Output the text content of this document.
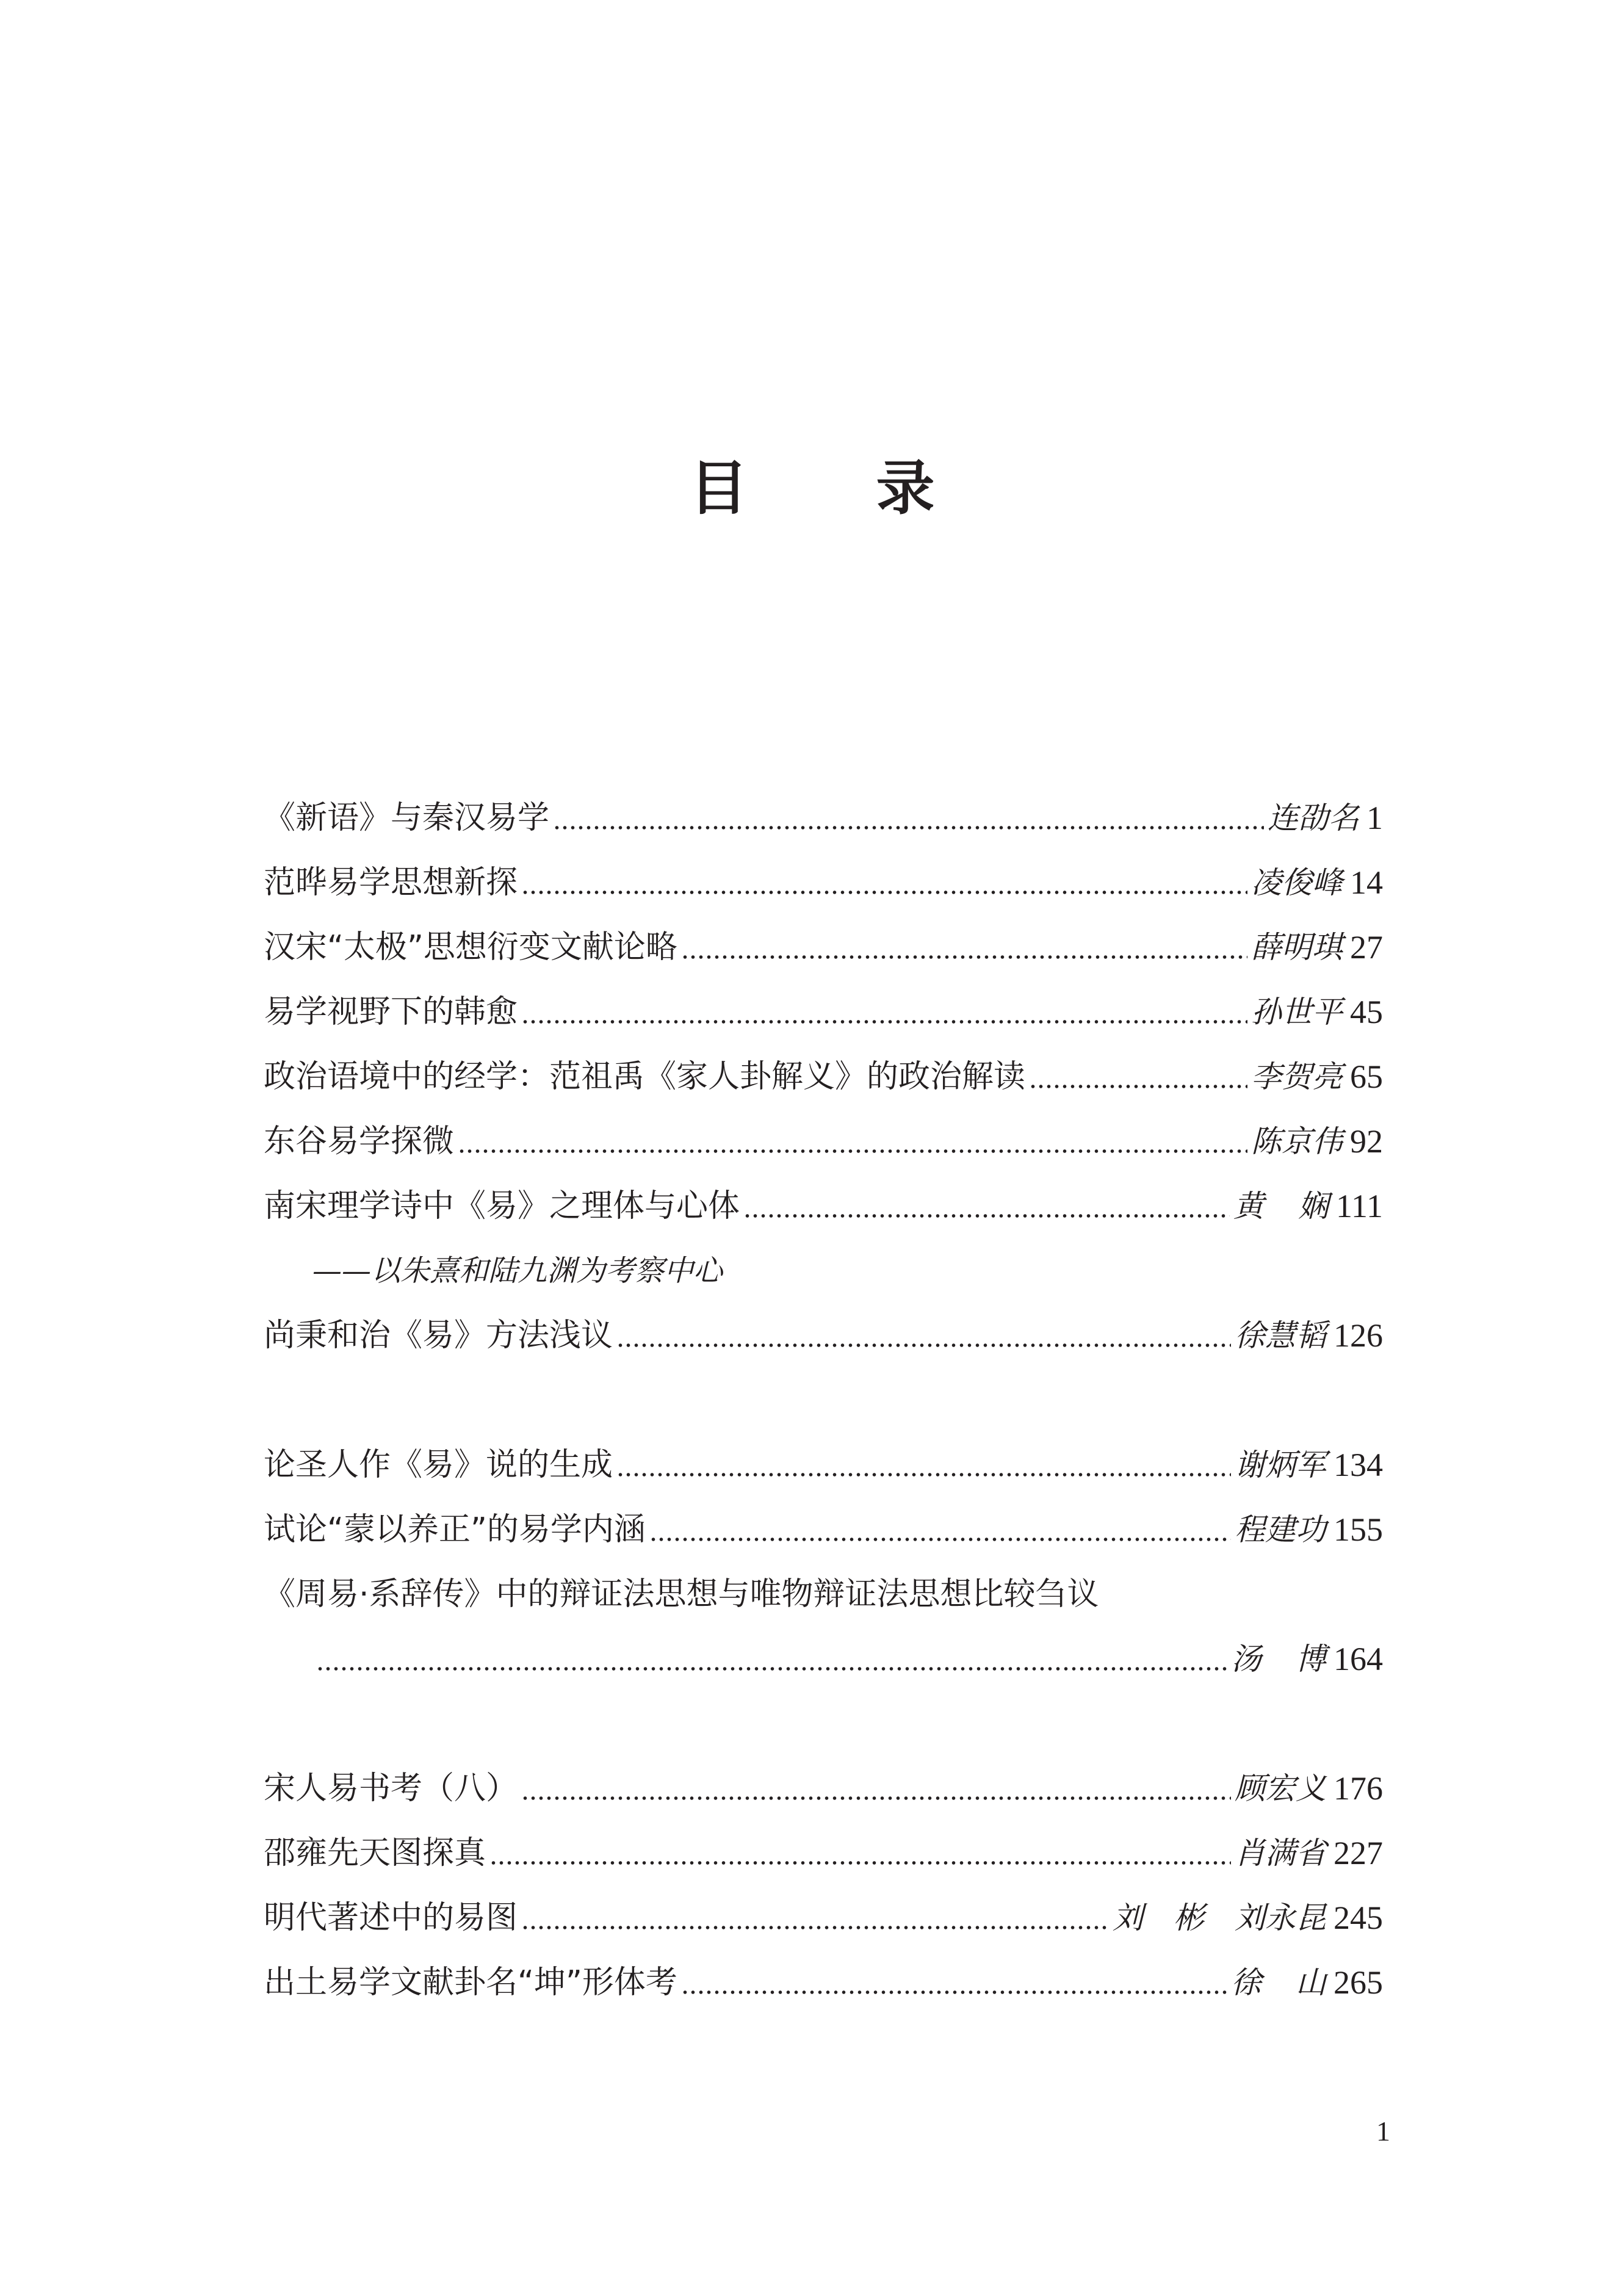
目 录
《新语》与秦汉易学	连劭名 1
范晔易学思想新探	凌俊峰 14
汉宋“太极”思想衍变文献论略	薛明琪 27
易学视野下的韩愈	孙世平 45
政治语境中的经学：范祖禹《家人卦解义》的政治解读	李贺亮 65
东谷易学探微	陈京伟 92
南宋理学诗中《易》之理体与心体	黄 娴 111
——以朱熹和陆九渊为考察中心
尚秉和治《易》方法浅议	徐慧韬 126
论圣人作《易》说的生成	谢炳军 134
试论“蒙以养正”的易学内涵	程建功 155
《周易·系辞传》中的辩证法思想与唯物辩证法思想比较刍议
汤 博 164
宋人易书考（八）	顾宏义 176
邵雍先天图探真	肖满省 227
明代著述中的易图	刘　彬　刘永昆 245
出土易学文献卦名“坤”形体考	徐 山 265
1
